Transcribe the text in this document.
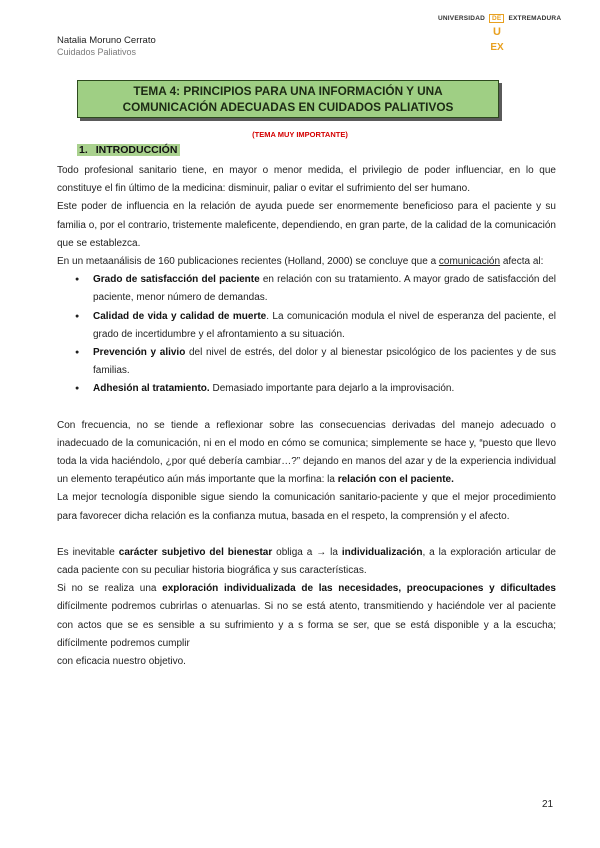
Natalia Moruno Cerrato
Cuidados Paliativos
UNIVERSIDAD DE EXTREMADURA
U
EX
TEMA 4: PRINCIPIOS PARA UNA INFORMACIÓN Y UNA
COMUNICACIÓN ADECUADAS EN CUIDADOS PALIATIVOS
(TEMA MUY IMPORTANTE)
1. INTRODUCCIÓN

Todo profesional sanitario tiene, en mayor o menor medida, el privilegio de poder influenciar, en lo que constituye el fin último de la medicina: disminuir, paliar o evitar el sufrimiento del ser humano.

Este poder de influencia en la relación de ayuda puede ser enormemente beneficioso para el paciente y su familia o, por el contrario, tristemente maleficente, dependiendo, en gran parte, de la calidad de la comunicación que se establezca.

En un metaanálisis de 160 publicaciones recientes (Holland, 2000) se concluye que a comunicación afecta al:

● Grado de satisfacción del paciente en relación con su tratamiento. A mayor grado de satisfacción del paciente, menor número de demandas.
● Calidad de vida y calidad de muerte. La comunicación modula el nivel de esperanza del paciente, el grado de incertidumbre y el afrontamiento a su situación.
● Prevención y alivio del nivel de estrés, del dolor y al bienestar psicológico de los pacientes y de sus familias.
● Adhesión al tratamiento. Demasiado importante para dejarlo a la improvisación.

Con frecuencia, no se tiende a reflexionar sobre las consecuencias derivadas del manejo adecuado o inadecuado de la comunicación, ni en el modo en cómo se comunica; simplemente se hace y, “puesto que llevo toda la vida haciéndolo, ¿por qué debería cambiar…?” dejando en manos del azar y de la experiencia individual un elemento terapéutico aún más importante que la morfina: la relación con el paciente.

La mejor tecnología disponible sigue siendo la comunicación sanitario-paciente y que el mejor procedimiento para favorecer dicha relación es la confianza mutua, basada en el respeto, la comprensión y el afecto.

Es inevitable carácter subjetivo del bienestar obliga a → la individualización, a la exploración articular de cada paciente con su peculiar historia biográfica y sus características.

Si no se realiza una exploración individualizada de las necesidades, preocupaciones y dificultades difícilmente podremos cubrirlas o atenuarlas. Si no se está atento, transmitiendo y haciéndole ver al paciente con actos que se es sensible a su sufrimiento y a s forma se ser, que se está disponible y a la escucha; difícilmente podremos cumplir

con eficacia nuestro objetivo.

21
